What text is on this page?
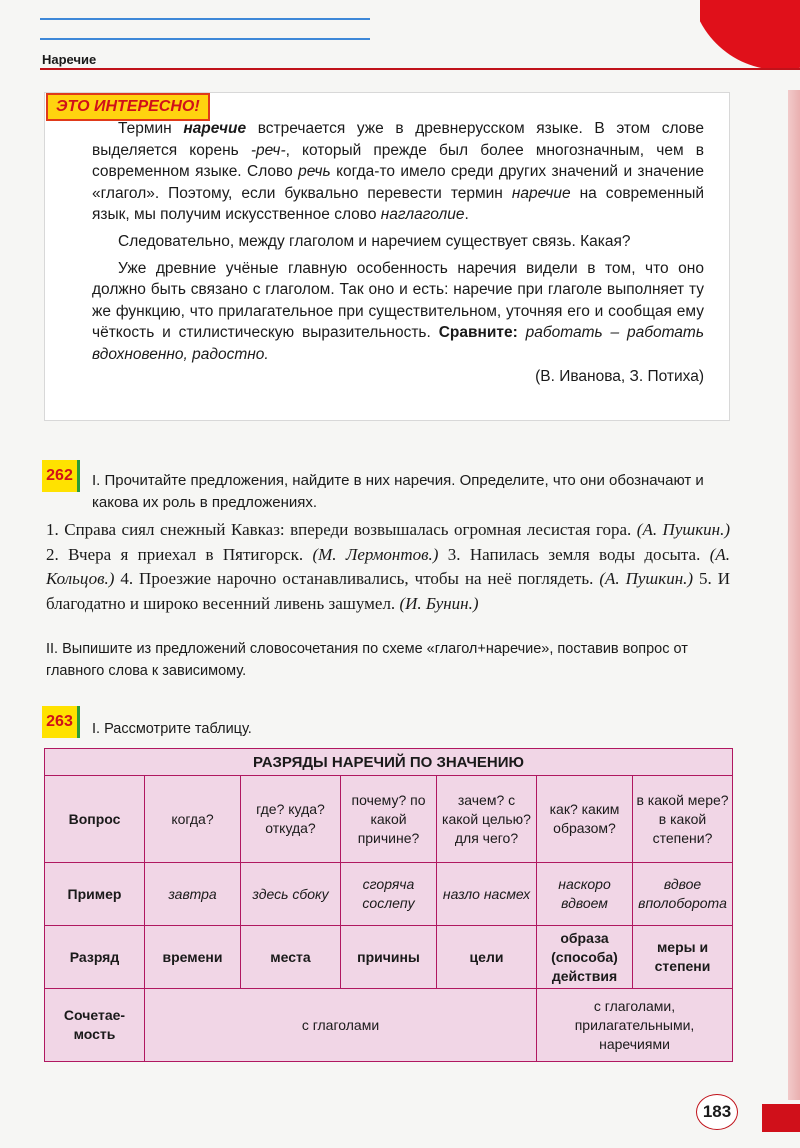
Наречие
ЭТО ИНТЕРЕСНО!

Термин наречие встречается уже в древнерусском языке. В этом слове выделяется корень -реч-, который прежде был более многозначным, чем в современном языке. Слово речь когда-то имело среди других значений и значение «глагол». Поэтому, если буквально перевести термин наречие на современный язык, мы получим искусственное слово наглаголие.

Следовательно, между глаголом и наречием существует связь. Какая?

Уже древние учёные главную особенность наречия видели в том, что оно должно быть связано с глаголом. Так оно и есть: наречие при глаголе выполняет ту же функцию, что прилагательное при существительном, уточняя его и сообщая ему чёткость и стилистическую выразительность. Сравните: работать – работать вдохновенно, радостно.

(В. Иванова, З. Потиха)

262	I. Прочитайте предложения, найдите в них наречия. Определите, что они обозначают и какова их роль в предложениях.
1. Справа сиял снежный Кавказ: впереди возвышалась огромная лесистая гора. (А. Пушкин.) 2. Вчера я приехал в Пятигорск. (М. Лермонтов.) 3. Напилась земля воды досыта. (А. Кольцов.) 4. Проезжие нарочно останавливались, чтобы на неё поглядеть. (А. Пушкин.) 5. И благодатно и широко весенний ливень зашумел. (И. Бунин.)
II. Выпишите из предложений словосочетания по схеме «глагол+наречие», поставив вопрос от главного слова к зависимому.
263	I. Рассмотрите таблицу.
РАЗРЯДЫ НАРЕЧИЙ ПО ЗНАЧЕНИЮ						
Вопрос	когда?	где? куда? откуда?	почему? по какой причине?	зачем? с какой целью? для чего?	как? каким образом?	в какой мере? в какой степени?
Пример	завтра	здесь сбоку	сгоряча сослепу	назло насмех	наскоро вдвоем	вдвое вполоборота
Разряд	времени	места	причины	цели	образа (способа) действия	меры и степени
Сочетае-мость	с глаголами				с глаголами, прилагательными, наречиями	
183
